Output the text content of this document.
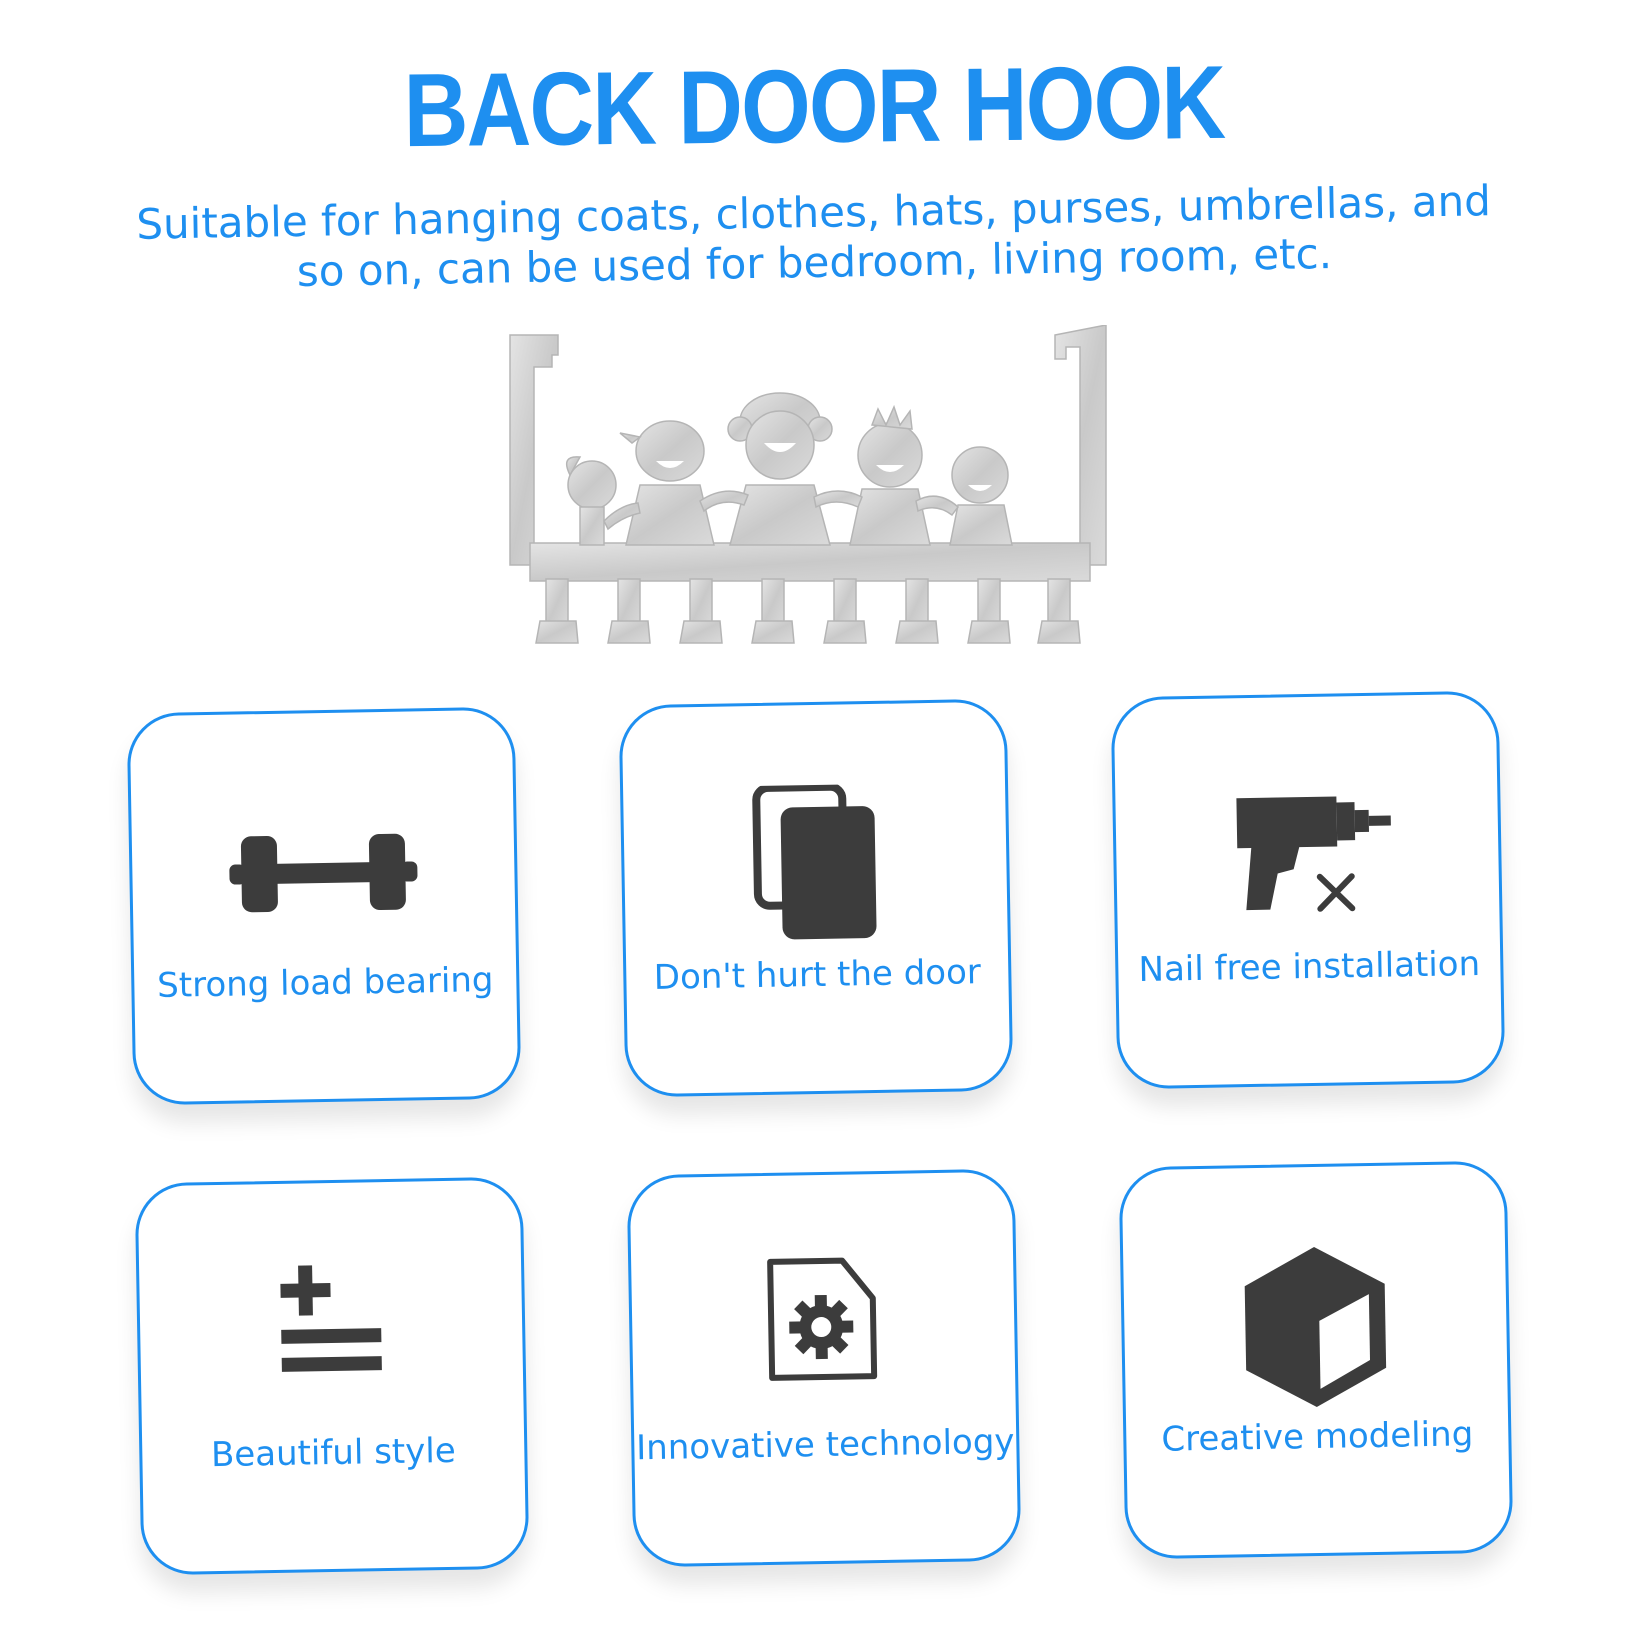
BACK DOOR HOOK
Suitable for hanging coats, clothes, hats, purses, umbrellas, and
so on, can be used for bedroom, living room, etc.
Strong load bearing	Don't hurt the door	Nail free installation
Beautiful style	Innovative technology	Creative modeling
